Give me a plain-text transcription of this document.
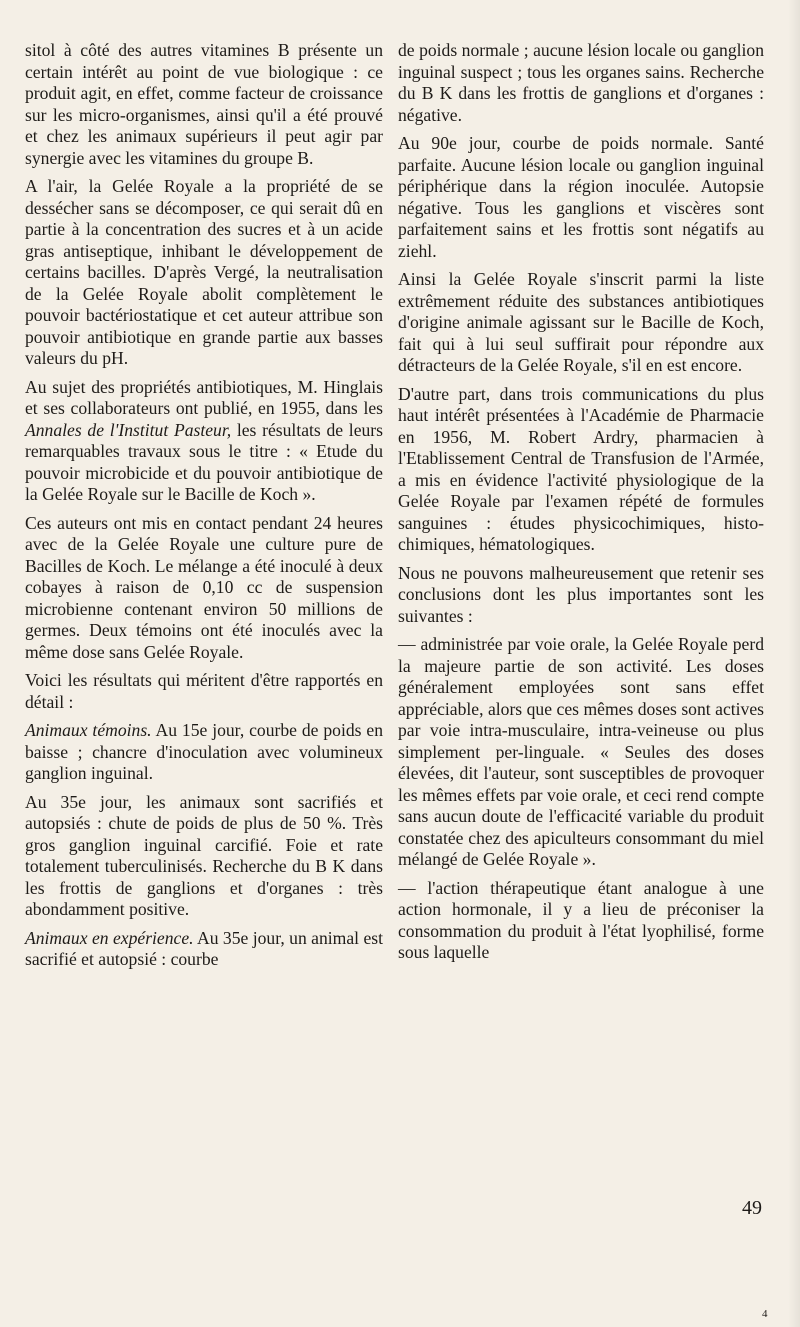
sitol à côté des autres vitamines B présente un certain intérêt au point de vue biologique : ce produit agit, en effet, comme facteur de croissance sur les micro-organismes, ainsi qu'il a été prouvé et chez les animaux supérieurs il peut agir par synergie avec les vitamines du groupe B.

A l'air, la Gelée Royale a la propriété de se dessécher sans se décomposer, ce qui serait dû en partie à la concentration des sucres et à un acide gras antiseptique, inhibant le développement de certains bacilles. D'après Vergé, la neutralisation de la Gelée Royale abolit complètement le pouvoir bactériostatique et cet auteur attribue son pouvoir antibiotique en grande partie aux basses valeurs du pH.

Au sujet des propriétés antibiotiques, M. Hinglais et ses collaborateurs ont publié, en 1955, dans les Annales de l'Institut Pasteur, les résultats de leurs remarquables travaux sous le titre : « Etude du pouvoir microbicide et du pouvoir antibiotique de la Gelée Royale sur le Bacille de Koch ».

Ces auteurs ont mis en contact pendant 24 heures avec de la Gelée Royale une culture pure de Bacilles de Koch. Le mélange a été inoculé à deux cobayes à raison de 0,10 cc de suspension microbienne contenant environ 50 millions de germes. Deux témoins ont été inoculés avec la même dose sans Gelée Royale.

Voici les résultats qui méritent d'être rapportés en détail :

Animaux témoins. Au 15e jour, courbe de poids en baisse ; chancre d'inoculation avec volumineux ganglion inguinal.

Au 35e jour, les animaux sont sacrifiés et autopsiés : chute de poids de plus de 50 %. Très gros ganglion inguinal carcifié. Foie et rate totalement tuberculinisés. Recherche du B K dans les frottis de ganglions et d'organes : très abondamment positive.

Animaux en expérience. Au 35e jour, un animal est sacrifié et autopsié : courbe

de poids normale ; aucune lésion locale ou ganglion inguinal suspect ; tous les organes sains. Recherche du B K dans les frottis de ganglions et d'organes : négative.

Au 90e jour, courbe de poids normale. Santé parfaite. Aucune lésion locale ou ganglion inguinal périphérique dans la région inoculée. Autopsie négative. Tous les ganglions et viscères sont parfaitement sains et les frottis sont négatifs au ziehl.

Ainsi la Gelée Royale s'inscrit parmi la liste extrêmement réduite des substances antibiotiques d'origine animale agissant sur le Bacille de Koch, fait qui à lui seul suffirait pour répondre aux détracteurs de la Gelée Royale, s'il en est encore.

D'autre part, dans trois communications du plus haut intérêt présentées à l'Académie de Pharmacie en 1956, M. Robert Ardry, pharmacien à l'Etablissement Central de Transfusion de l'Armée, a mis en évidence l'activité physiologique de la Gelée Royale par l'examen répété de formules sanguines : études physicochimiques, histo-chimiques, hématologiques.

Nous ne pouvons malheureusement que retenir ses conclusions dont les plus importantes sont les suivantes :

— administrée par voie orale, la Gelée Royale perd la majeure partie de son activité. Les doses généralement employées sont sans effet appréciable, alors que ces mêmes doses sont actives par voie intra-musculaire, intra-veineuse ou plus simplement per-linguale. « Seules des doses élevées, dit l'auteur, sont susceptibles de provoquer les mêmes effets par voie orale, et ceci rend compte sans aucun doute de l'efficacité variable du produit constatée chez des apiculteurs consommant du miel mélangé de Gelée Royale ».

— l'action thérapeutique étant analogue à une action hormonale, il y a lieu de préconiser la consommation du produit à l'état lyophilisé, forme sous laquelle

49
4
